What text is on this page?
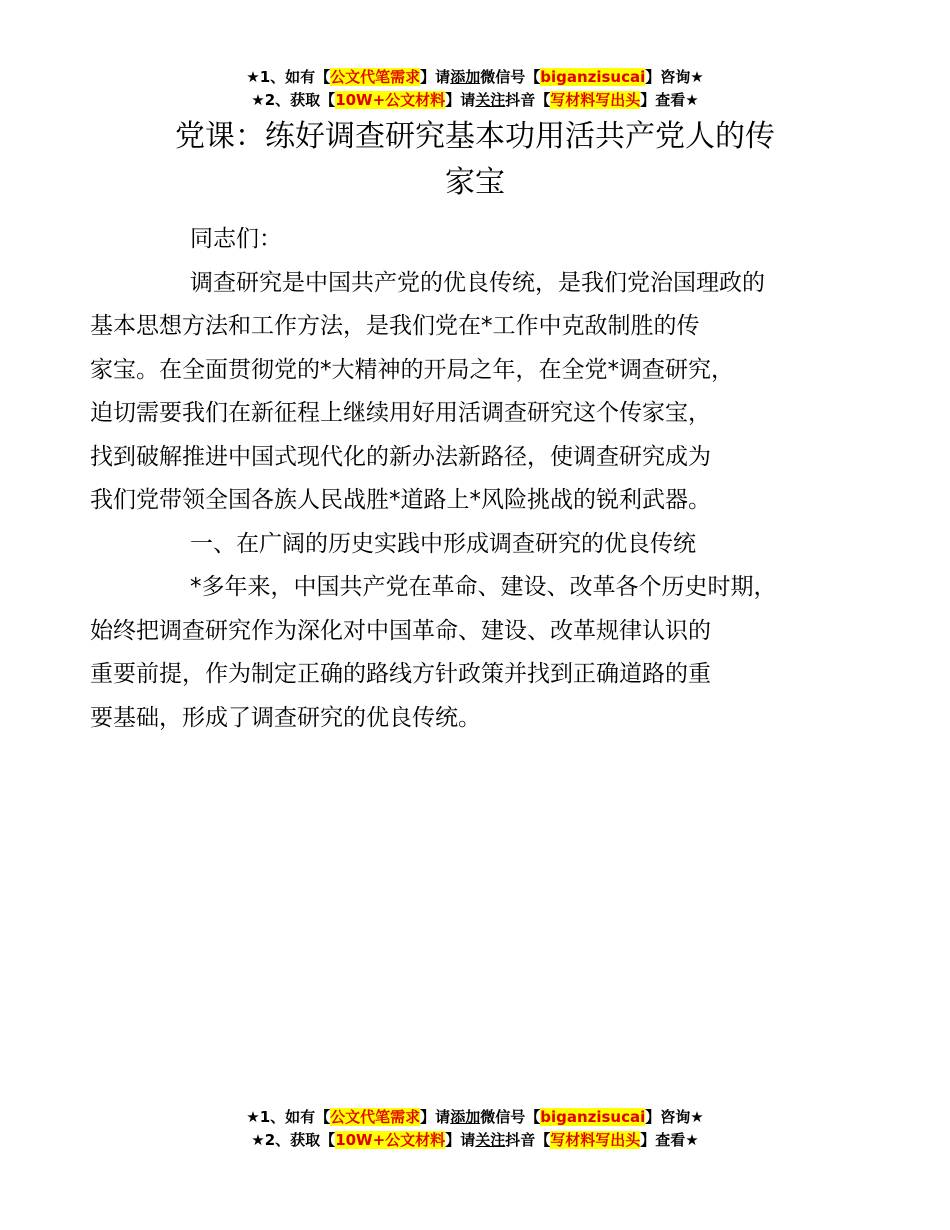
★1、如有【公文代笔需求】请添加微信号【biganzisucai】咨询★
★2、获取【10W+公文材料】请关注抖音【写材料写出头】查看★
党课：练好调查研究基本功用活共产党人的传
家宝

同志们：

调查研究是中国共产党的优良传统，是我们党治国理政的
基本思想方法和工作方法，是我们党在*工作中克敌制胜的传
家宝。在全面贯彻党的*大精神的开局之年，在全党*调查研究，
迫切需要我们在新征程上继续用好用活调查研究这个传家宝，
找到破解推进中国式现代化的新办法新路径，使调查研究成为
我们党带领全国各族人民战胜*道路上*风险挑战的锐利武器。

一、在广阔的历史实践中形成调查研究的优良传统

*多年来，中国共产党在革命、建设、改革各个历史时期，
始终把调查研究作为深化对中国革命、建设、改革规律认识的
重要前提，作为制定正确的路线方针政策并找到正确道路的重
要基础，形成了调查研究的优良传统。

★1、如有【公文代笔需求】请添加微信号【biganzisucai】咨询★
★2、获取【10W+公文材料】请关注抖音【写材料写出头】查看★
